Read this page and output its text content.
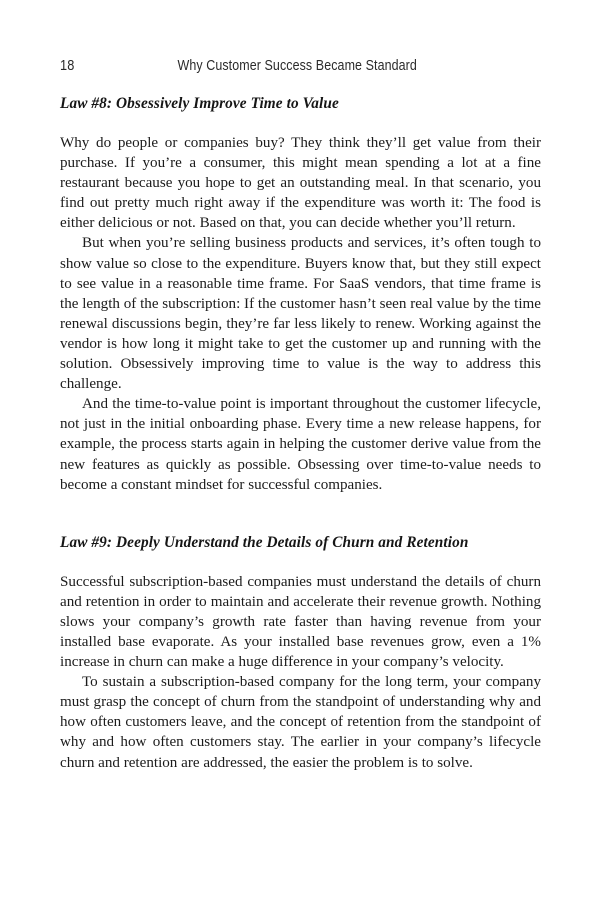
18	Why Customer Success Became Standard
Law #8: Obsessively Improve Time to Value

Why do people or companies buy? They think they’ll get value from their purchase. If you’re a consumer, this might mean spending a lot at a fine restaurant because you hope to get an outstanding meal. In that scenario, you find out pretty much right away if the expenditure was worth it: The food is either delicious or not. Based on that, you can decide whether you’ll return.

But when you’re selling business products and services, it’s often tough to show value so close to the expenditure. Buyers know that, but they still expect to see value in a reasonable time frame. For SaaS vendors, that time frame is the length of the subscription: If the customer hasn’t seen real value by the time renewal discussions begin, they’re far less likely to renew. Working against the vendor is how long it might take to get the customer up and running with the solution. Obsessively improving time to value is the way to address this challenge.

And the time-to-value point is important throughout the customer lifecycle, not just in the initial onboarding phase. Every time a new release happens, for example, the process starts again in helping the customer derive value from the new features as quickly as possible. Obsessing over time-to-value needs to become a constant mindset for successful companies.

Law #9: Deeply Understand the Details of Churn and Retention

Successful subscription-based companies must understand the details of churn and retention in order to maintain and accelerate their revenue growth. Nothing slows your company’s growth rate faster than having revenue from your installed base evaporate. As your installed base revenues grow, even a 1% increase in churn can make a huge difference in your company’s velocity.

To sustain a subscription-based company for the long term, your company must grasp the concept of churn from the standpoint of understanding why and how often customers leave, and the concept of retention from the standpoint of why and how often customers stay. The earlier in your company’s lifecycle churn and retention are addressed, the easier the problem is to solve.
